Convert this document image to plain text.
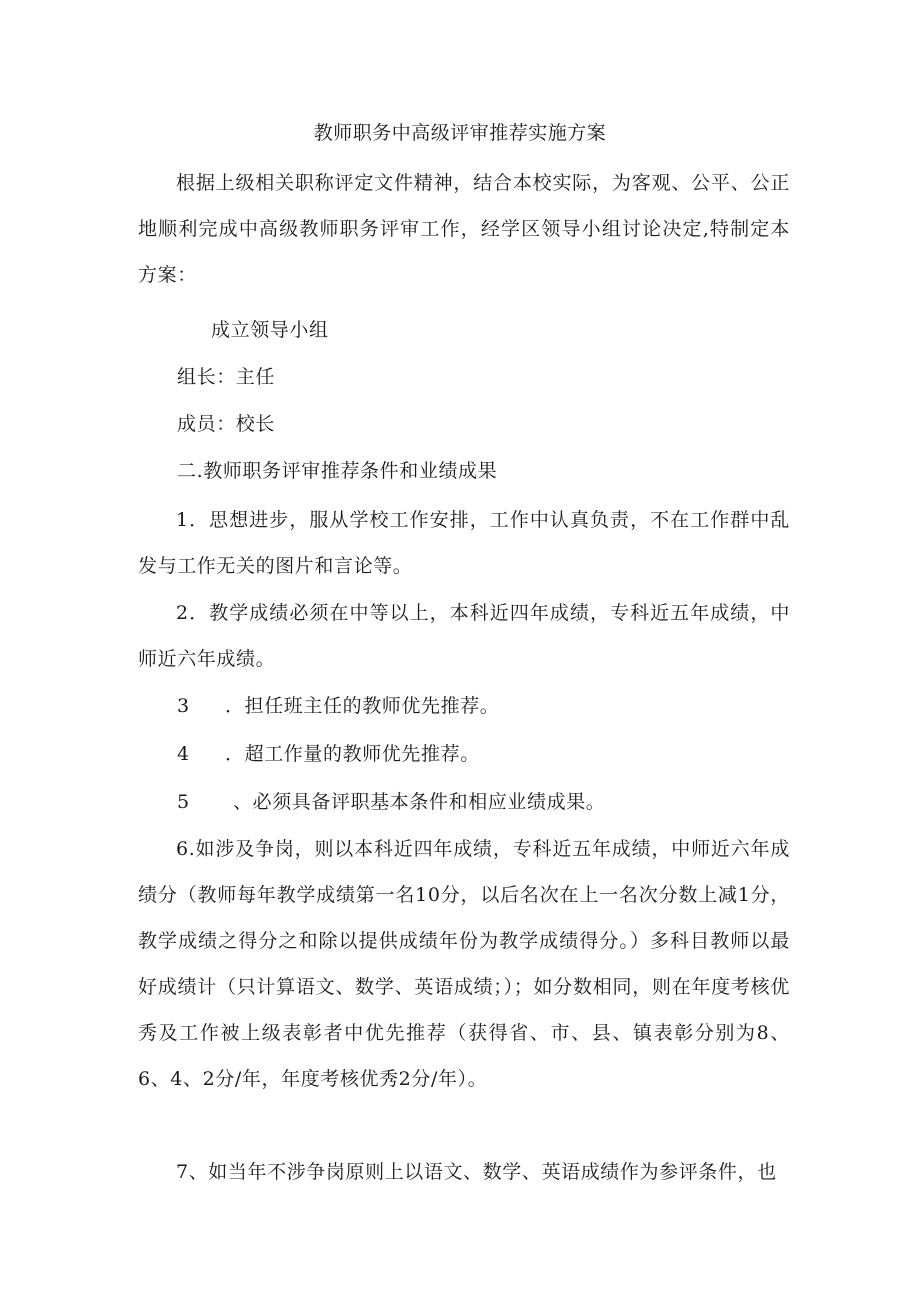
教师职务中高级评审推荐实施方案

根据上级相关职称评定文件精神，结合本校实际，为客观、公平、公正地顺利完成中高级教师职务评审工作，经学区领导小组讨论决定,特制定本方案：

成立领导小组
组长：主任
成员：校长
二.教师职务评审推荐条件和业绩成果

1．思想进步，服从学校工作安排，工作中认真负责，不在工作群中乱发与工作无关的图片和言论等。

2．教学成绩必须在中等以上，本科近四年成绩，专科近五年成绩，中师近六年成绩。

3 ．担任班主任的教师优先推荐。
4 ．超工作量的教师优先推荐。
5 、必须具备评职基本条件和相应业绩成果。

6.如涉及争岗，则以本科近四年成绩，专科近五年成绩，中师近六年成绩分（教师每年教学成绩第一名10分，以后名次在上一名次分数上减1分，教学成绩之得分之和除以提供成绩年份为教学成绩得分。）多科目教师以最好成绩计（只计算语文、数学、英语成绩；）；如分数相同，则在年度考核优秀及工作被上级表彰者中优先推荐（获得省、市、县、镇表彰分别为8、6、4、2分/年，年度考核优秀2分/年）。

7、如当年不涉争岗原则上以语文、数学、英语成绩作为参评条件，也
